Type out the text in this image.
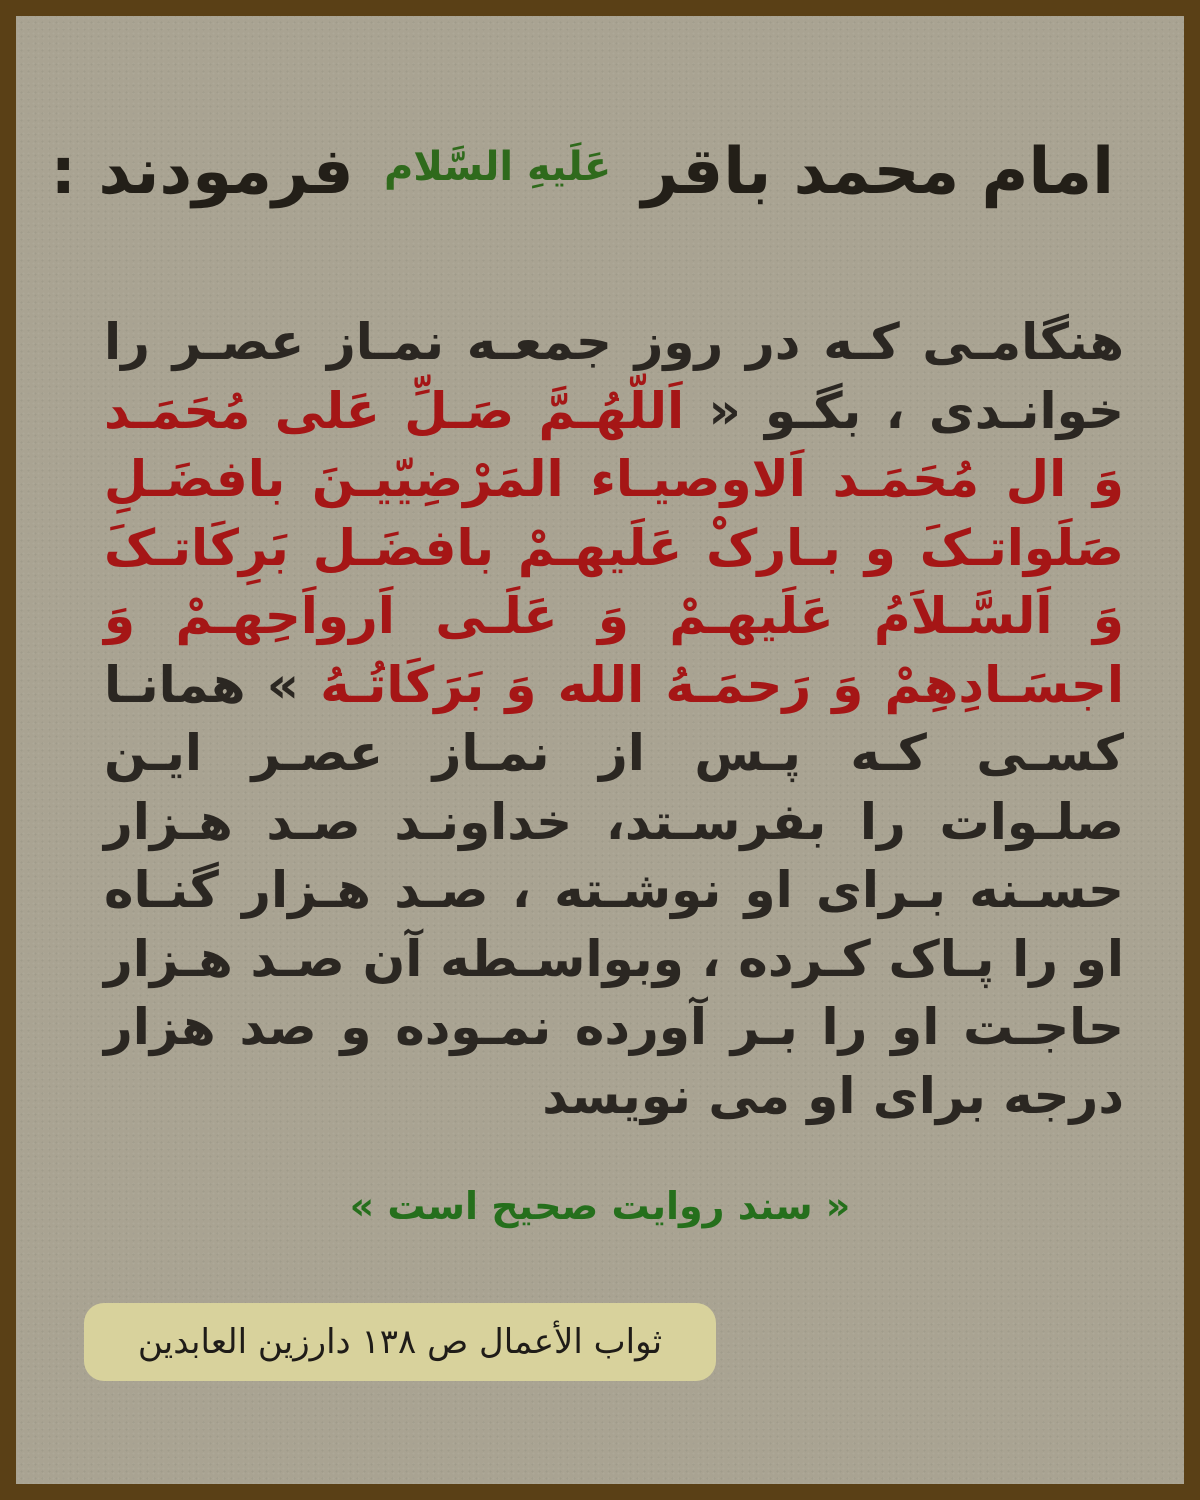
امام محمد باقر عَلَيهِ السَّلام فرمودند :
هنگامـی کـه در روز جمعـه نمـاز عصـر را خوانـدی ، بگـو « اَللّهُـمَّ صَـلِّ عَلی مُحَمَـد وَ ال مُحَمَـد اَلاوصیـاء المَرْضِیّیـنَ بافضَـلِ صَلَواتـکَ و بـارکْ عَلَیهـمْ بافضَـل بَرِکَاتـکَ وَ اَلسَّـلاَمُ عَلَیهـمْ وَ عَلَـی اَرواَحِهـمْ وَ اجسَـادِهِمْ وَ رَحمَـهُ الله وَ بَرَکَاتُـهُ » همانـا کسـی کـه پـس از نمـاز عصـر ایـن صلـوات را بفرسـتد، خداونـد صـد هـزار حسـنه بـرای او نوشـته ، صـد هـزار گنـاه او را پـاک کـرده ، وبواسـطه آن صـد هـزار حاجـت او را بـر آورده نمـوده و صد هزار درجه برای او می نویسد
« سند روایت صحیح است »
ثواب الأعمال ص ۱۳۸ دارزین العابدین
